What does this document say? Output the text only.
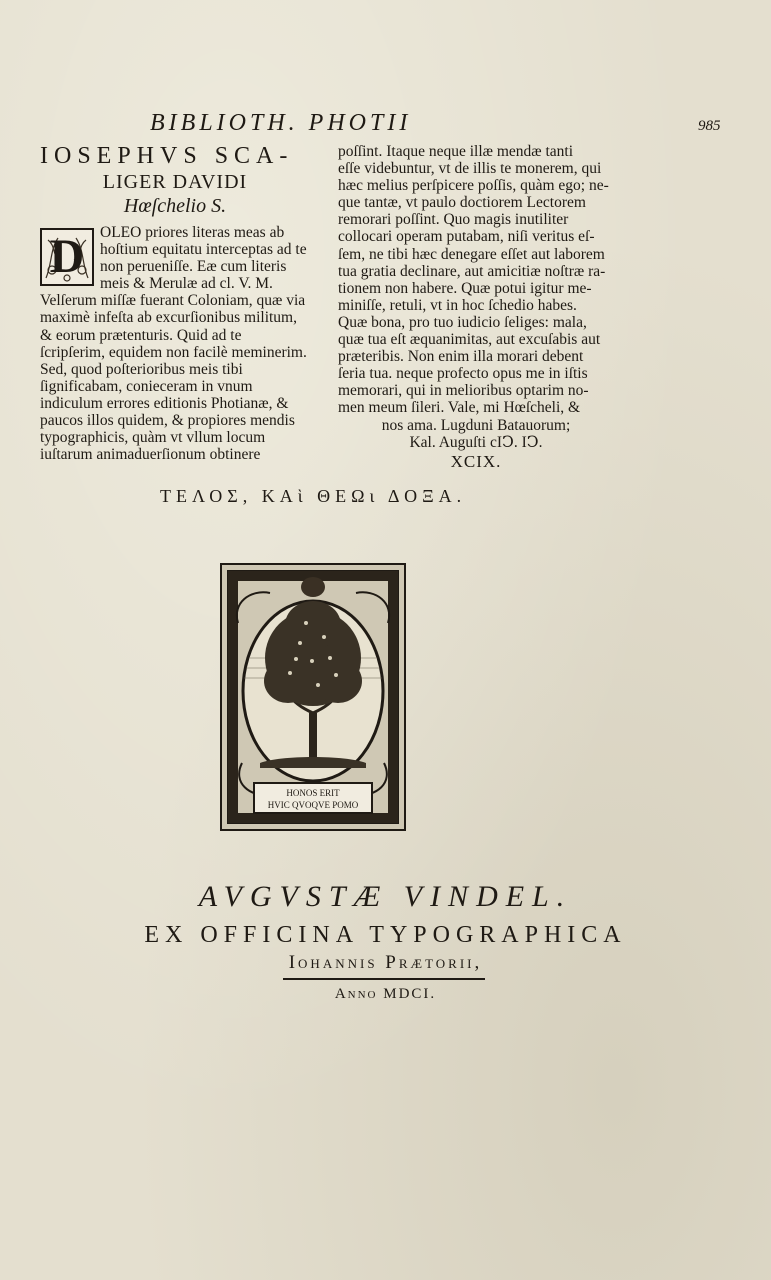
BIBLIOTH. PHOTII	985
IOSEPHVS SCA-
LIGER DAVIDI
Hœſchelio S.
D	OLEO priores literas meas ab hoſtium equitatu interceptas ad te non perueniſſe. Eæ cum literis meis & Merulæ ad cl. V. M. Velſerum miſſæ fuerant Coloniam, quæ via maximè infeſta ab excurſionibus militum, & eorum prætenturis. Quid ad te ſcripſerim, equidem non facilè meminerim. Sed, quod poſterioribus meis tibi ſignificabam, conieceram in vnum indiculum errores editionis Photianæ, & paucos illos quidem, & propiores mendis typographicis, quàm vt vllum locum iuſtarum animaduerſionum obtinere

poſſint. Itaque neque illæ mendæ tanti

eſſe videbuntur, vt de illis te monerem, qui

hæc melius perſpicere poſſis, quàm ego; ne-

que tantæ, vt paulo doctiorem Lectorem

remorari poſſint. Quo magis inutiliter

collocari operam putabam, niſi veritus eſ-

ſem, ne tibi hæc denegare eſſet aut laborem

tua gratia declinare, aut amicitiæ noſtræ ra-

tionem non habere. Quæ potui igitur me-

miniſſe, retuli, vt in hoc ſchedio habes.

Quæ bona, pro tuo iudicio ſeliges: mala,

quæ tua eſt æquanimitas, aut excuſabis aut

præteribis. Non enim illa morari debent

ſeria tua. neque profecto opus me in iſtis

memorari, qui in melioribus optarim no-

men meum ſileri. Vale, mi Hœſcheli, &

nos ama. Lugduni Batauorum;

Kal. Auguſti cIↃ. IↃ.

XCIX.
ΤΕΛΟΣ, ΚΑὶ ΘΕΩι ΔΟΞΑ.
HONOS ERIT
HVIC QVOQVE POMO
AVGVSTÆ VINDEL.
EX OFFICINA TYPOGRAPHICA
Iohannis Prætorii,
Anno MDCI.
